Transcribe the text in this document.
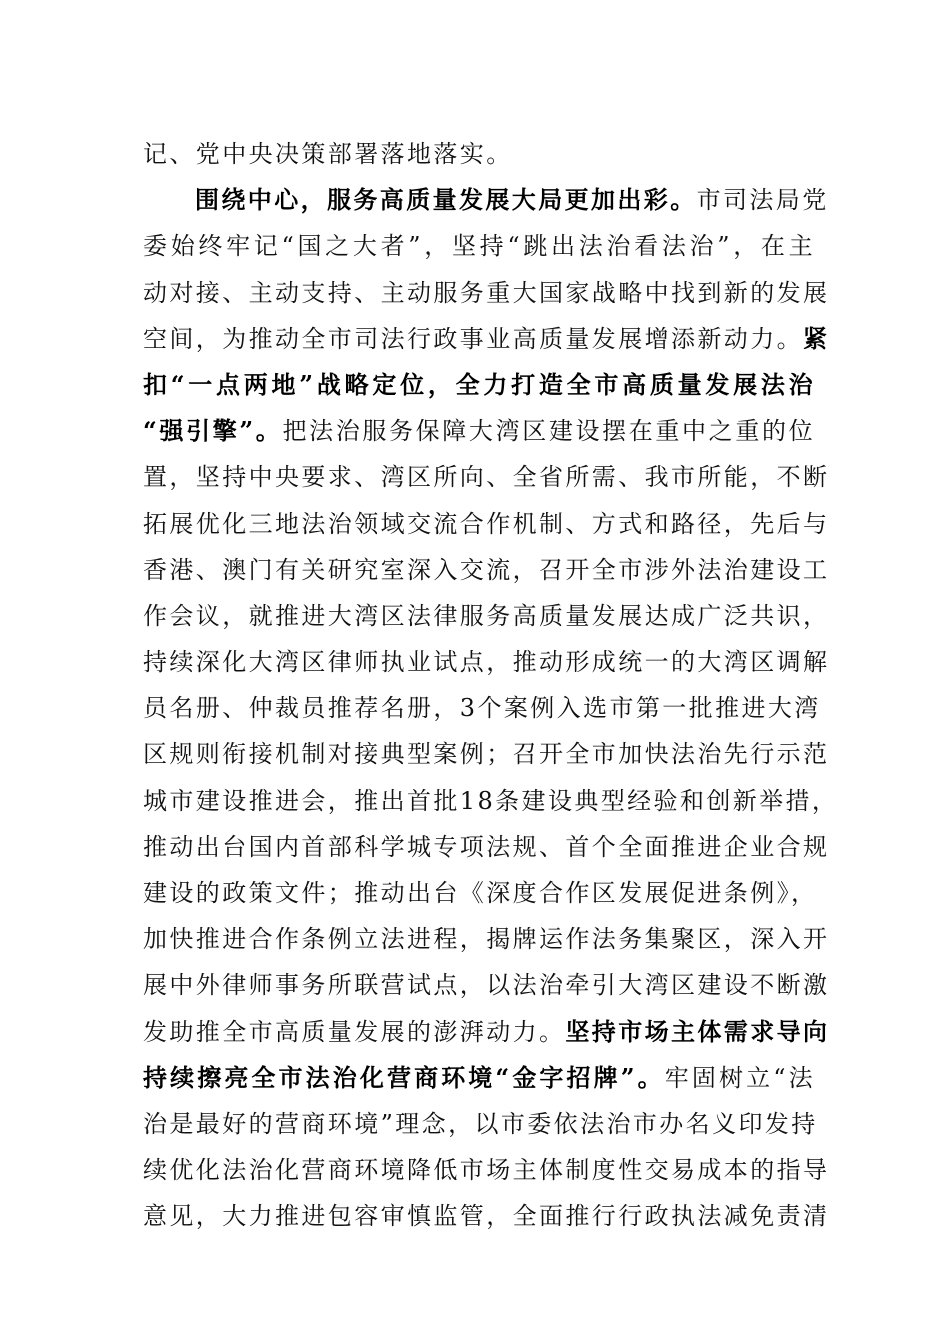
记、党中央决策部署落地落实。
围绕中心，服务高质量发展大局更加出彩。市司法局党
委始终牢记“国之大者”，坚持“跳出法治看法治”，在主
动对接、主动支持、主动服务重大国家战略中找到新的发展
空间，为推动全市司法行政事业高质量发展增添新动力。紧
扣“一点两地”战略定位，全力打造全市高质量发展法治
“强引擎”。把法治服务保障大湾区建设摆在重中之重的位
置，坚持中央要求、湾区所向、全省所需、我市所能，不断
拓展优化三地法治领域交流合作机制、方式和路径，先后与
香港、澳门有关研究室深入交流，召开全市涉外法治建设工
作会议，就推进大湾区法律服务高质量发展达成广泛共识，
持续深化大湾区律师执业试点，推动形成统一的大湾区调解
员名册、仲裁员推荐名册，3个案例入选市第一批推进大湾
区规则衔接机制对接典型案例；召开全市加快法治先行示范
城市建设推进会，推出首批18条建设典型经验和创新举措，
推动出台国内首部科学城专项法规、首个全面推进企业合规
建设的政策文件；推动出台《深度合作区发展促进条例》，
加快推进合作条例立法进程，揭牌运作法务集聚区，深入开
展中外律师事务所联营试点，以法治牵引大湾区建设不断激
发助推全市高质量发展的澎湃动力。坚持市场主体需求导向
持续擦亮全市法治化营商环境“金字招牌”。牢固树立“法
治是最好的营商环境”理念，以市委依法治市办名义印发持
续优化法治化营商环境降低市场主体制度性交易成本的指导
意见，大力推进包容审慎监管，全面推行行政执法减免责清
